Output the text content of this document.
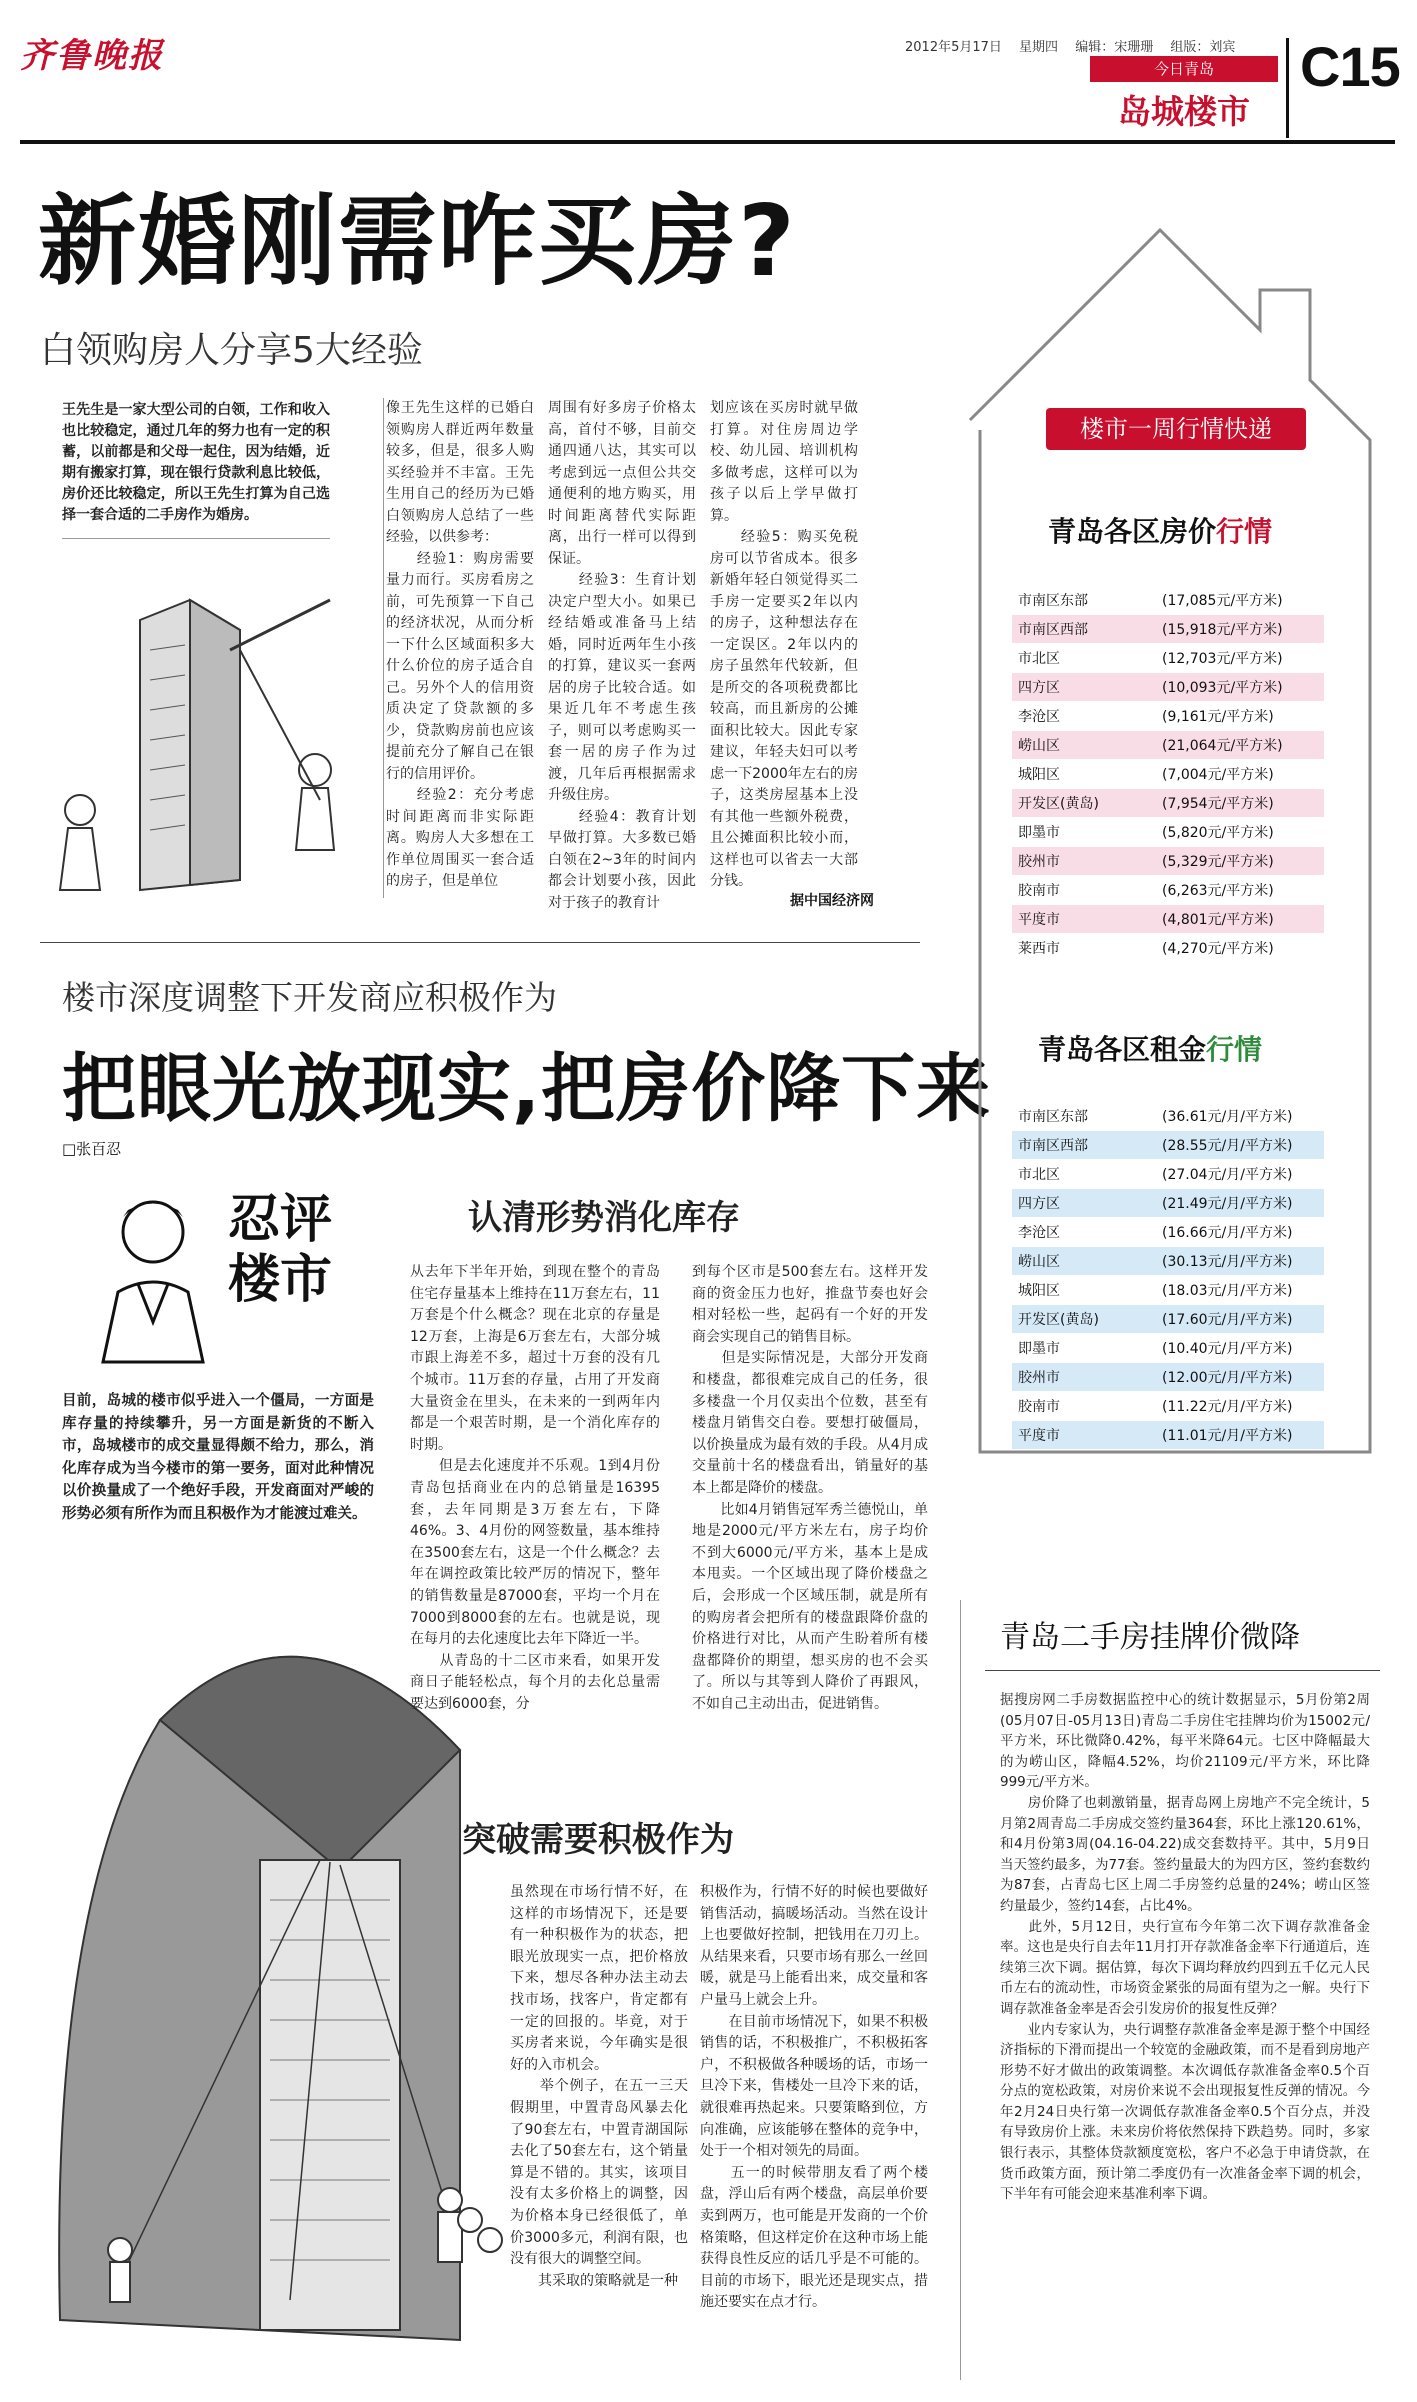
齐鲁晚报	2012年5月17日　 星期四　 编辑：宋珊珊　 组版：刘宾
今日青岛
岛城楼市
C15
新婚刚需咋买房?
白领购房人分享5大经验
王先生是一家大型公司的白领，工作和收入也比较稳定，通过几年的努力也有一定的积蓄，以前都是和父母一起住，因为结婚，近期有搬家打算，现在银行贷款利息比较低，房价还比较稳定，所以王先生打算为自己选择一套合适的二手房作为婚房。
像王先生这样的已婚白领购房人群近两年数量较多，但是，很多人购买经验并不丰富。王先生用自己的经历为已婚白领购房人总结了一些经验，以供参考：
　　经验1：购房需要量力而行。买房看房之前，可先预算一下自己的经济状况，从而分析一下什么区域面积多大什么价位的房子适合自己。另外个人的信用资质决定了贷款额的多少，贷款购房前也应该提前充分了解自己在银行的信用评价。
　　经验2：充分考虑时间距离而非实际距离。购房人大多想在工作单位周围买一套合适的房子，但是单位
周围有好多房子价格太高，首付不够，目前交通四通八达，其实可以考虑到远一点但公共交通便利的地方购买，用时间距离替代实际距离，出行一样可以得到保证。
　　经验3：生育计划决定户型大小。如果已经结婚或准备马上结婚，同时近两年生小孩的打算，建议买一套两居的房子比较合适。如果近几年不考虑生孩子，则可以考虑购买一套一居的房子作为过渡，几年后再根据需求升级住房。
　　经验4：教育计划早做打算。大多数已婚白领在2~3年的时间内都会计划要小孩，因此对于孩子的教育计
划应该在买房时就早做打算。对住房周边学校、幼儿园、培训机构多做考虑，这样可以为孩子以后上学早做打算。
　　经验5：购买免税房可以节省成本。很多新婚年轻白领觉得买二手房一定要买2年以内的房子，这种想法存在一定误区。2年以内的房子虽然年代较新，但是所交的各项税费都比较高，而且新房的公摊面积比较大。因此专家建议，年轻夫妇可以考虑一下2000年左右的房子，这类房屋基本上没有其他一些额外税费，且公摊面积比较小而，这样也可以省去一大部分钱。
据中国经济网
楼市深度调整下开发商应积极作为
把眼光放现实,把房价降下来
□张百忍
忍评楼市
目前，岛城的楼市似乎进入一个僵局，一方面是库存量的持续攀升，另一方面是新货的不断入市，岛城楼市的成交量显得颇不给力，那么，消化库存成为当今楼市的第一要务，面对此种情况以价换量成了一个绝好手段，开发商面对严峻的形势必须有所作为而且积极作为才能渡过难关。
认清形势消化库存
从去年下半年开始，到现在整个的青岛住宅存量基本上维持在11万套左右，11万套是个什么概念？现在北京的存量是12万套，上海是6万套左右，大部分城市跟上海差不多，超过十万套的没有几个城市。11万套的存量，占用了开发商大量资金在里头，在未来的一到两年内都是一个艰苦时期，是一个消化库存的时期。
　　但是去化速度并不乐观。1到4月份青岛包括商业在内的总销量是16395套，去年同期是3万套左右，下降46%。3、4月份的网签数量，基本维持在3500套左右，这是一个什么概念？去年在调控政策比较严厉的情况下，整年的销售数量是87000套，平均一个月在7000到8000套的左右。也就是说，现在每月的去化速度比去年下降近一半。
　　从青岛的十二区市来看，如果开发商日子能轻松点，每个月的去化总量需要达到6000套，分
到每个区市是500套左右。这样开发商的资金压力也好，推盘节奏也好会相对轻松一些，起码有一个好的开发商会实现自己的销售目标。
　　但是实际情况是，大部分开发商和楼盘，都很难完成自己的任务，很多楼盘一个月仅卖出个位数，甚至有楼盘月销售交白卷。要想打破僵局，以价换量成为最有效的手段。从4月成交量前十名的楼盘看出，销量好的基本上都是降价的楼盘。
　　比如4月销售冠军秀兰德悦山，单地是2000元/平方米左右，房子均价不到大6000元/平方米，基本上是成本甩卖。一个区域出现了降价楼盘之后，会形成一个区域压制，就是所有的购房者会把所有的楼盘跟降价盘的价格进行对比，从而产生盼着所有楼盘都降价的期望，想买房的也不会买了。所以与其等到人降价了再跟风，不如自己主动出击，促进销售。
突破需要积极作为
虽然现在市场行情不好，在这样的市场情况下，还是要有一种积极作为的状态，把眼光放现实一点，把价格放下来，想尽各种办法主动去找市场，找客户，肯定都有一定的回报的。毕竟，对于买房者来说，今年确实是很好的入市机会。
　　举个例子，在五一三天假期里，中置青岛风暴去化了90套左右，中置青湖国际去化了50套左右，这个销量算是不错的。其实，该项目没有太多价格上的调整，因为价格本身已经很低了，单价3000多元，利润有限，也没有很大的调整空间。
　　其采取的策略就是一种
积极作为，行情不好的时候也要做好销售活动，搞暖场活动。当然在设计上也要做好控制，把钱用在刀刃上。从结果来看，只要市场有那么一丝回暖，就是马上能看出来，成交量和客户量马上就会上升。
　　在目前市场情况下，如果不积极销售的话，不积极推广，不积极拓客户，不积极做各种暖场的话，市场一旦冷下来，售楼处一旦冷下来的话，就很难再热起来。只要策略到位，方向准确，应该能够在整体的竞争中，处于一个相对领先的局面。
　　五一的时候带朋友看了两个楼盘，浮山后有两个楼盘，高层单价要卖到两万，也可能是开发商的一个价格策略，但这样定价在这种市场上能获得良性反应的话几乎是不可能的。目前的市场下，眼光还是现实点，措施还要实在点才行。
楼市一周行情快递
青岛各区房价行情
市南区东部	(17,085元/平方米)
市南区西部	(15,918元/平方米)
市北区	(12,703元/平方米)
四方区	(10,093元/平方米)
李沧区	(9,161元/平方米)
崂山区	(21,064元/平方米)
城阳区	(7,004元/平方米)
开发区(黄岛)	(7,954元/平方米)
即墨市	(5,820元/平方米)
胶州市	(5,329元/平方米)
胶南市	(6,263元/平方米)
平度市	(4,801元/平方米)
莱西市	(4,270元/平方米)
青岛各区租金行情
市南区东部	(36.61元/月/平方米)
市南区西部	(28.55元/月/平方米)
市北区	(27.04元/月/平方米)
四方区	(21.49元/月/平方米)
李沧区	(16.66元/月/平方米)
崂山区	(30.13元/月/平方米)
城阳区	(18.03元/月/平方米)
开发区(黄岛)	(17.60元/月/平方米)
即墨市	(10.40元/月/平方米)
胶州市	(12.00元/月/平方米)
胶南市	(11.22元/月/平方米)
平度市	(11.01元/月/平方米)
青岛二手房挂牌价微降
据搜房网二手房数据监控中心的统计数据显示，5月份第2周(05月07日-05月13日)青岛二手房住宅挂牌均价为15002元/平方米，环比微降0.42%，每平米降64元。七区中降幅最大的为崂山区，降幅4.52%，均价21109元/平方米，环比降999元/平方米。
　　房价降了也刺激销量，据青岛网上房地产不完全统计，5月第2周青岛二手房成交签约量364套，环比上涨120.61%，和4月份第3周(04.16-04.22)成交套数持平。其中，5月9日当天签约最多，为77套。签约量最大的为四方区，签约套数约为87套，占青岛七区上周二手房签约总量的24%；崂山区签约量最少，签约14套，占比4%。
　　此外，5月12日，央行宣布今年第二次下调存款准备金率。这也是央行自去年11月打开存款准备金率下行通道后，连续第三次下调。据估算，每次下调均释放约四到五千亿元人民币左右的流动性，市场资金紧张的局面有望为之一解。央行下调存款准备金率是否会引发房价的报复性反弹？
　　业内专家认为，央行调整存款准备金率是源于整个中国经济指标的下滑而提出一个较宽的金融政策，而不是看到房地产形势不好才做出的政策调整。本次调低存款准备金率0.5个百分点的宽松政策，对房价来说不会出现报复性反弹的情况。今年2月24日央行第一次调低存款准备金率0.5个百分点，并没有导致房价上涨。未来房价将依然保持下跌趋势。同时，多家银行表示，其整体贷款额度宽松，客户不必急于申请贷款，在货币政策方面，预计第二季度仍有一次准备金率下调的机会，下半年有可能会迎来基准利率下调。
